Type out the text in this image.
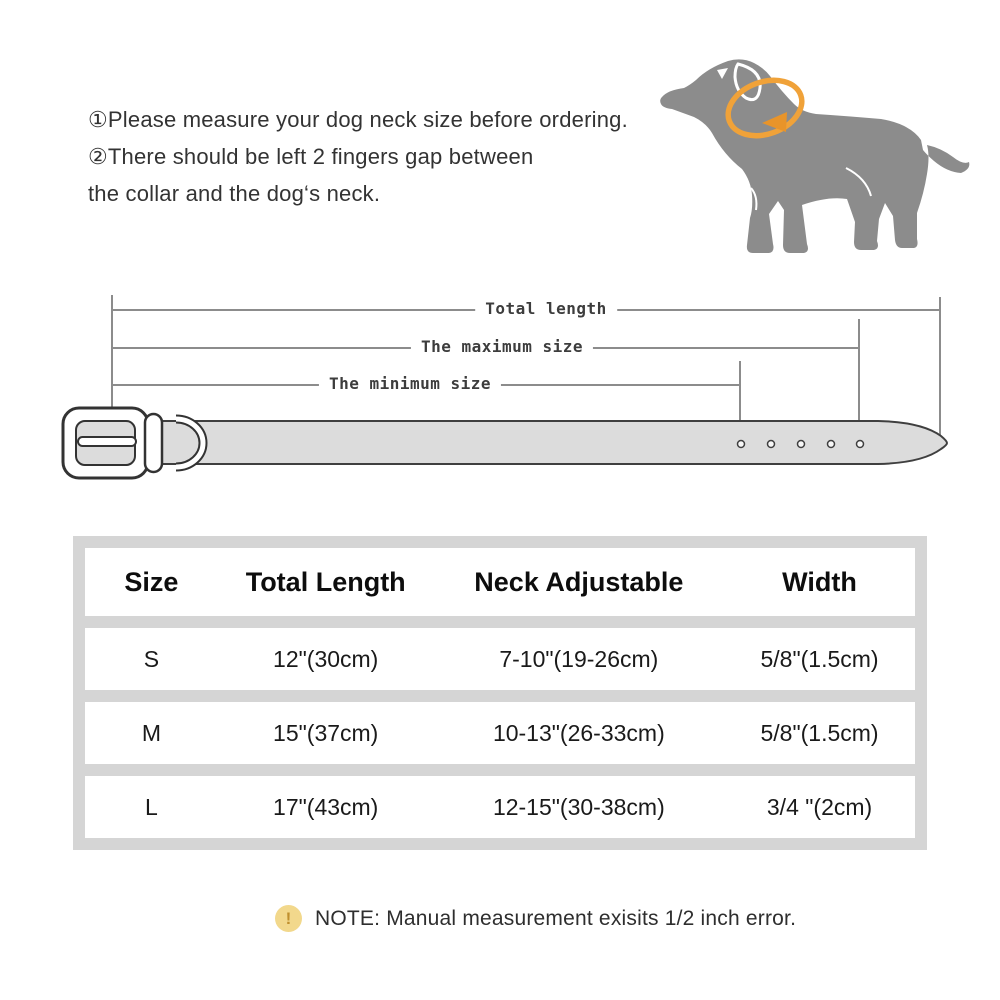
①Please measure your dog neck size before ordering.
②There should be left 2 fingers gap between
the collar and the dog‘s neck.
Total length
The maximum size
The minimum size
Size	Total Length	Neck Adjustable	Width
S	12"(30cm)	7-10"(19-26cm)	5/8"(1.5cm)
M	15"(37cm)	10-13"(26-33cm)	5/8"(1.5cm)
L	17"(43cm)	12-15"(30-38cm)	3/4 "(2cm)
!	NOTE: Manual measurement exisits 1/2 inch error.
